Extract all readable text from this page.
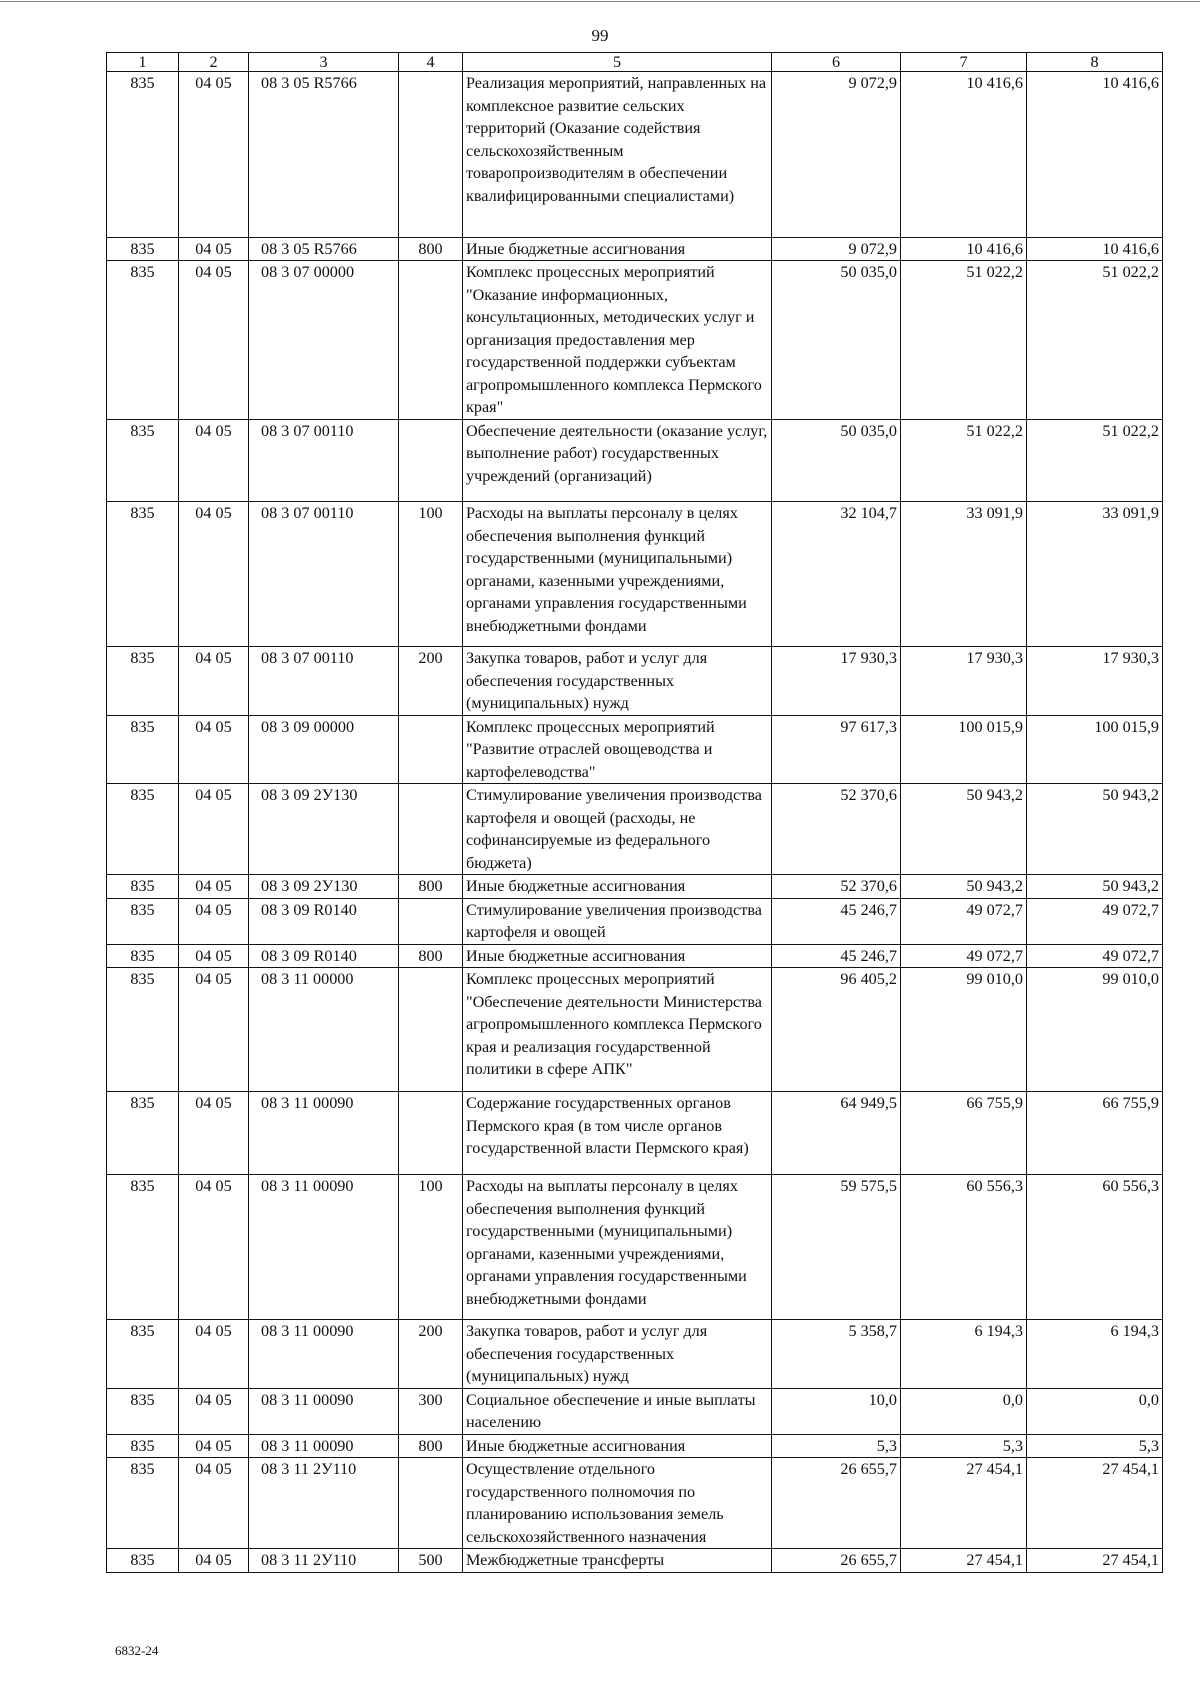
99
1	2	3	4	5	6	7	8
835	04 05	08 3 05 R5766		Реализация мероприятий, направленных на комплексное развитие сельских территорий (Оказание содействия сельскохозяйственным товаропроизводителям в обеспечении квалифицированными специалистами)	9 072,9	10 416,6	10 416,6
835	04 05	08 3 05 R5766	800	Иные бюджетные ассигнования	9 072,9	10 416,6	10 416,6
835	04 05	08 3 07 00000		Комплекс процессных мероприятий "Оказание информационных, консультационных, методических услуг и организация предоставления мер государственной поддержки субъектам агропромышленного комплекса Пермского края"	50 035,0	51 022,2	51 022,2
835	04 05	08 3 07 00110		Обеспечение деятельности (оказание услуг, выполнение работ) государственных учреждений (организаций)	50 035,0	51 022,2	51 022,2
835	04 05	08 3 07 00110	100	Расходы на выплаты персоналу в целях обеспечения выполнения функций государственными (муниципальными) органами, казенными учреждениями, органами управления государственными внебюджетными фондами	32 104,7	33 091,9	33 091,9
835	04 05	08 3 07 00110	200	Закупка товаров, работ и услуг для обеспечения государственных (муниципальных) нужд	17 930,3	17 930,3	17 930,3
835	04 05	08 3 09 00000		Комплекс процессных мероприятий "Развитие отраслей овощеводства и картофелеводства"	97 617,3	100 015,9	100 015,9
835	04 05	08 3 09 2У130		Стимулирование увеличения производства картофеля и овощей (расходы, не софинансируемые из федерального бюджета)	52 370,6	50 943,2	50 943,2
835	04 05	08 3 09 2У130	800	Иные бюджетные ассигнования	52 370,6	50 943,2	50 943,2
835	04 05	08 3 09 R0140		Стимулирование увеличения производства картофеля и овощей	45 246,7	49 072,7	49 072,7
835	04 05	08 3 09 R0140	800	Иные бюджетные ассигнования	45 246,7	49 072,7	49 072,7
835	04 05	08 3 11 00000		Комплекс процессных мероприятий "Обеспечение деятельности Министерства агропромышленного комплекса Пермского края и реализация государственной политики в сфере АПК"	96 405,2	99 010,0	99 010,0
835	04 05	08 3 11 00090		Содержание государственных органов Пермского края (в том числе органов государственной власти Пермского края)	64 949,5	66 755,9	66 755,9
835	04 05	08 3 11 00090	100	Расходы на выплаты персоналу в целях обеспечения выполнения функций государственными (муниципальными) органами, казенными учреждениями, органами управления государственными внебюджетными фондами	59 575,5	60 556,3	60 556,3
835	04 05	08 3 11 00090	200	Закупка товаров, работ и услуг для обеспечения государственных (муниципальных) нужд	5 358,7	6 194,3	6 194,3
835	04 05	08 3 11 00090	300	Социальное обеспечение и иные выплаты населению	10,0	0,0	0,0
835	04 05	08 3 11 00090	800	Иные бюджетные ассигнования	5,3	5,3	5,3
835	04 05	08 3 11 2У110		Осуществление отдельного государственного полномочия по планированию использования земель сельскохозяйственного назначения	26 655,7	27 454,1	27 454,1
835	04 05	08 3 11 2У110	500	Межбюджетные трансферты	26 655,7	27 454,1	27 454,1
6832-24
